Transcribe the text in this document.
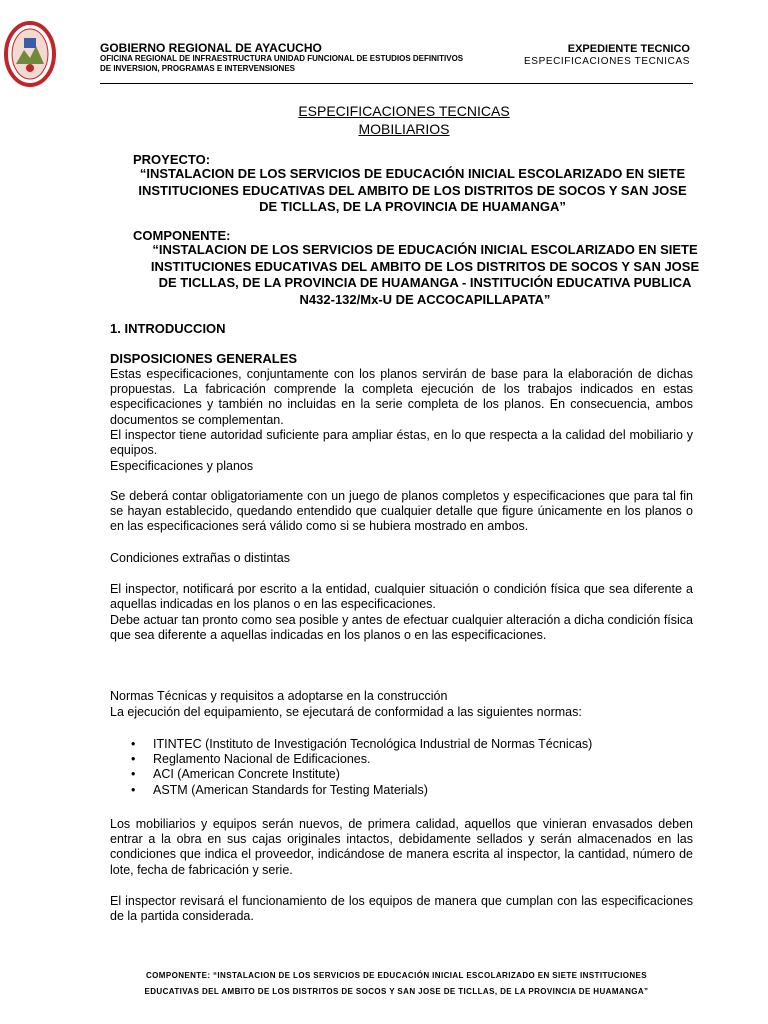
GOBIERNO REGIONAL DE AYACUCHO
OFICINA REGIONAL DE INFRAESTRUCTURA UNIDAD FUNCIONAL DE ESTUDIOS DEFINITIVOS
DE INVERSION, PROGRAMAS E INTERVENSIONES
EXPEDIENTE TECNICO
ESPECIFICACIONES TECNICAS
ESPECIFICACIONES TECNICAS
MOBILIARIOS
PROYECTO:
“INSTALACION DE LOS SERVICIOS DE EDUCACIÓN INICIAL ESCOLARIZADO EN SIETE INSTITUCIONES EDUCATIVAS DEL AMBITO DE LOS DISTRITOS DE SOCOS Y SAN JOSE DE TICLLAS, DE LA PROVINCIA DE HUAMANGA”
COMPONENTE:
“INSTALACION DE LOS SERVICIOS DE EDUCACIÓN INICIAL ESCOLARIZADO EN SIETE INSTITUCIONES EDUCATIVAS DEL AMBITO DE LOS DISTRITOS DE SOCOS Y SAN JOSE DE TICLLAS, DE LA PROVINCIA DE HUAMANGA - INSTITUCIÓN EDUCATIVA PUBLICA N432-132/Mx-U DE ACCOCAPILLAPATA”
1. INTRODUCCION
DISPOSICIONES GENERALES
Estas especificaciones, conjuntamente con los planos servirán de base para la elaboración de dichas propuestas. La fabricación comprende la completa ejecución de los trabajos indicados en estas especificaciones y también no incluidas en la serie completa de los planos. En consecuencia, ambos documentos se complementan.
El inspector tiene autoridad suficiente para ampliar éstas, en lo que respecta a la calidad del mobiliario y equipos.
Especificaciones y planos
Se deberá contar obligatoriamente con un juego de planos completos y especificaciones que para tal fin se hayan establecido, quedando entendido que cualquier detalle que figure únicamente en los planos o en las especificaciones será válido como si se hubiera mostrado en ambos.
Condiciones extrañas o distintas
El inspector, notificará por escrito a la entidad, cualquier situación o condición física que sea diferente a aquellas indicadas en los planos o en las especificaciones.
Debe actuar tan pronto como sea posible y antes de efectuar cualquier alteración a dicha condición física que sea diferente a aquellas indicadas en los planos o en las especificaciones.
Normas Técnicas y requisitos a adoptarse en la construcción
La ejecución del equipamiento, se ejecutará de conformidad a las siguientes normas:
• ITINTEC (Instituto de Investigación Tecnológica Industrial de Normas Técnicas)
• Reglamento Nacional de Edificaciones.
• ACI (American Concrete Institute)
• ASTM (American Standards for Testing Materials)
Los mobiliarios y equipos serán nuevos, de primera calidad, aquellos que vinieran envasados deben entrar a la obra en sus cajas originales intactos, debidamente sellados y serán almacenados en las condiciones que indica el proveedor, indicándose de manera escrita al inspector, la cantidad, número de lote, fecha de fabricación y serie.
El inspector revisará el funcionamiento de los equipos de manera que cumplan con las especificaciones de la partida considerada.
COMPONENTE: “INSTALACION DE LOS SERVICIOS DE EDUCACIÓN INICIAL ESCOLARIZADO EN SIETE INSTITUCIONES
EDUCATIVAS DEL AMBITO DE LOS DISTRITOS DE SOCOS Y SAN JOSE DE TICLLAS, DE LA PROVINCIA DE HUAMANGA”
